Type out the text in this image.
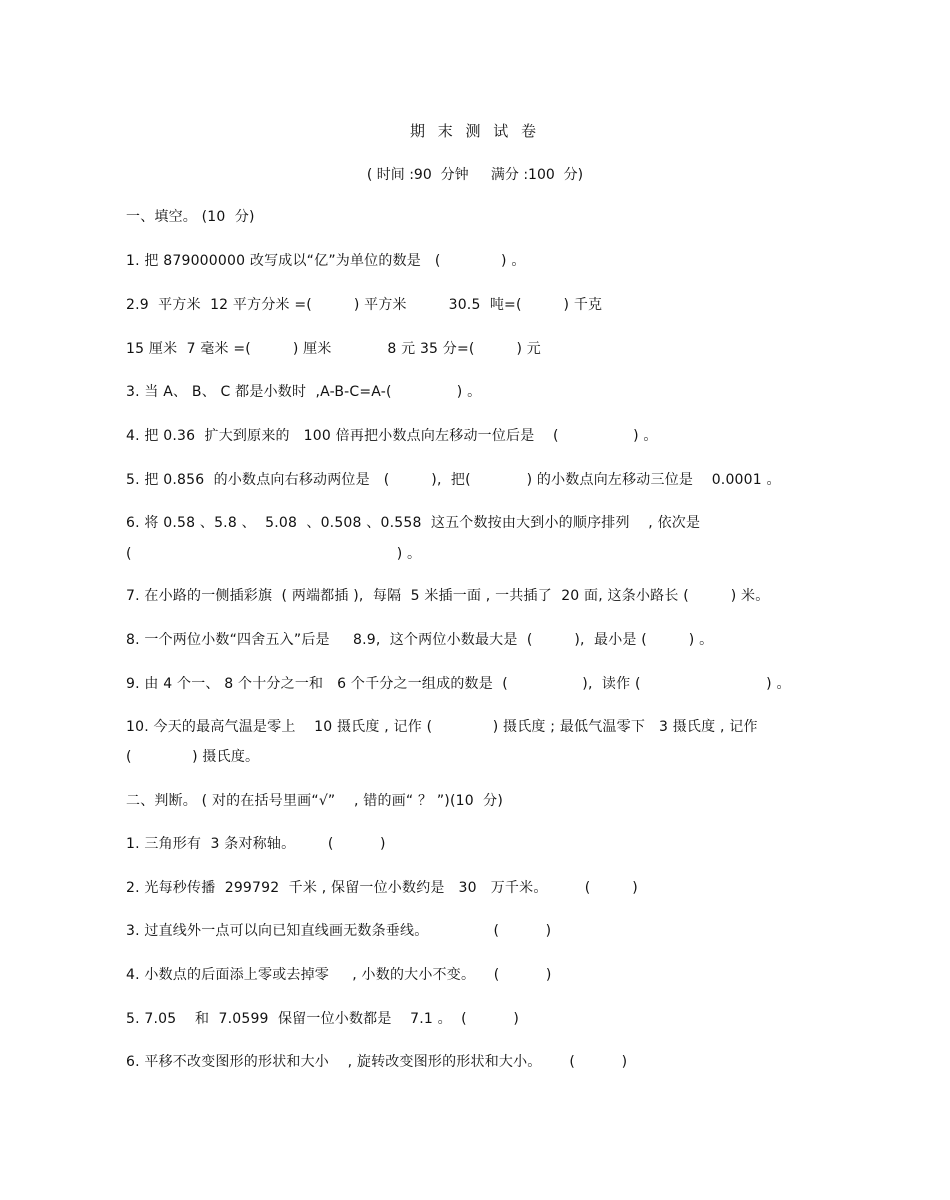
期 末 测 试 卷
( 时间 :90  分钟     满分 :100  分)
一、填空。 (10  分)
1. 把 879000000 改写成以“亿”为单位的数是   (             ) 。
2.9  平方米  12 平方分米 =(         ) 平方米         30.5  吨=(         ) 千克
15 厘米  7 毫米 =(         ) 厘米            8 元 35 分=(         ) 元
3. 当 A、 B、 C 都是小数时  ,A-B-C=A-(              ) 。
4. 把 0.36  扩大到原来的   100 倍再把小数点向左移动一位后是    (                ) 。
5. 把 0.856  的小数点向右移动两位是   (         ),  把(            ) 的小数点向左移动三位是    0.0001 。
6. 将 0.58 、5.8 、  5.08  、0.508 、0.558  这五个数按由大到小的顺序排列    , 依次是
(                                                         ) 。
7. 在小路的一侧插彩旗  ( 两端都插 ),  每隔  5 米插一面 , 一共插了  20 面, 这条小路长 (         ) 米。
8. 一个两位小数“四舍五入”后是     8.9,  这个两位小数最大是  (         ),  最小是 (         ) 。
9. 由 4 个一、 8 个十分之一和   6 个千分之一组成的数是  (                ),  读作 (                           ) 。
10. 今天的最高气温是零上    10 摄氏度 , 记作 (             ) 摄氏度 ; 最低气温零下   3 摄氏度 , 记作
(             ) 摄氏度。
二、判断。 ( 对的在括号里画“√”    , 错的画“ ？ ”)(10  分)
1. 三角形有  3 条对称轴。       (          )
2. 光每秒传播  299792  千米 , 保留一位小数约是   30   万千米。        (         )
3. 过直线外一点可以向已知直线画无数条垂线。              (          )
4. 小数点的后面添上零或去掉零     , 小数的大小不变。    (          )
5. 7.05    和  7.0599  保留一位小数都是    7.1 。  (          )
6. 平移不改变图形的形状和大小    , 旋转改变图形的形状和大小。      (          )
